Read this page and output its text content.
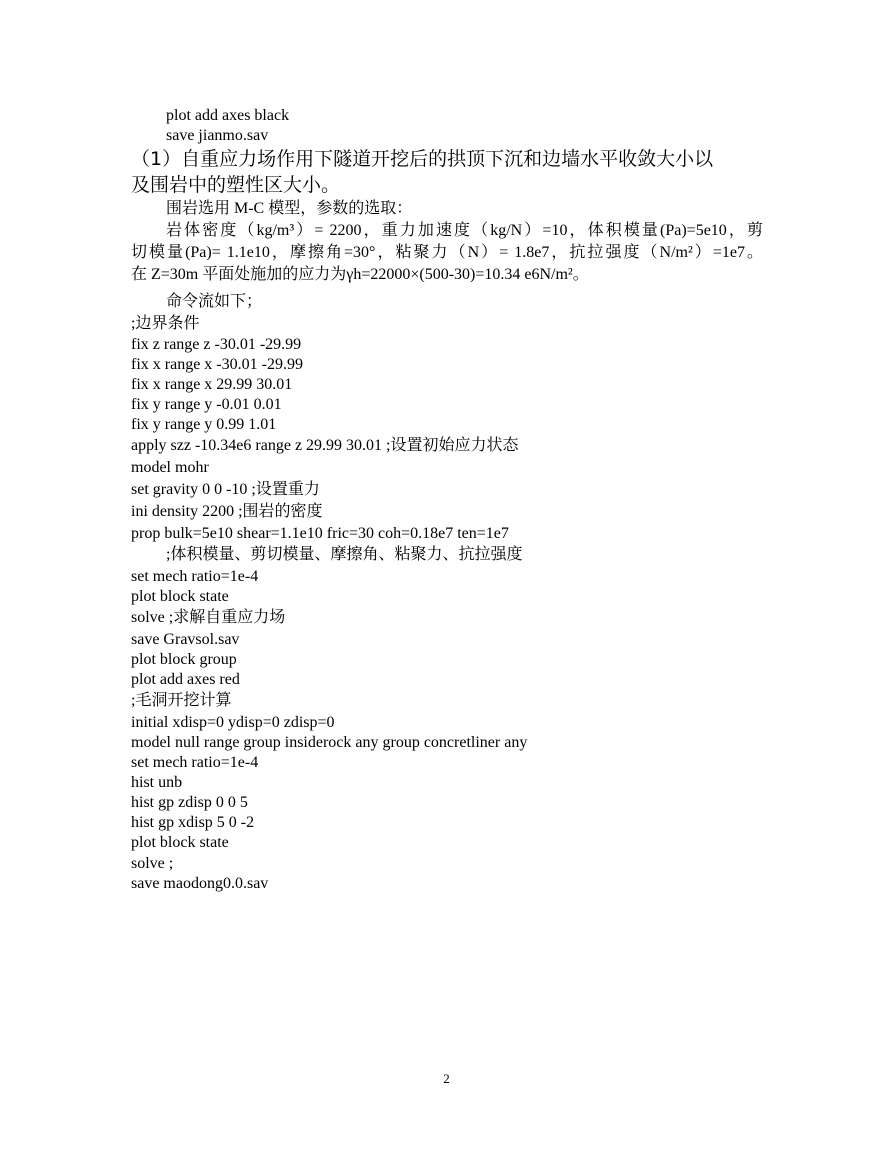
plot add axes black
save jianmo.sav
（1）自重应力场作用下隧道开挖后的拱顶下沉和边墙水平收敛大小以
及围岩中的塑性区大小。
围岩选用 M-C 模型，参数的选取：
岩体密度（kg/m³）= 2200，重力加速度（kg/N）=10，体积模量(Pa)=5e10，剪
切模量(Pa)= 1.1e10，摩擦角=30°，粘聚力（N）= 1.8e7，抗拉强度（N/m²）=1e7。
在 Z=30m 平面处施加的应力为γh=22000×(500-30)=10.34 e6N/m²。
命令流如下；
;边界条件
fix z range z -30.01 -29.99
fix x range x -30.01 -29.99
fix x range x 29.99 30.01
fix y range y -0.01 0.01
fix y range y 0.99 1.01
apply szz -10.34e6 range z 29.99 30.01 ;设置初始应力状态
model mohr
set gravity 0 0 -10 ;设置重力
ini density 2200 ;围岩的密度
prop bulk=5e10 shear=1.1e10 fric=30 coh=0.18e7 ten=1e7
;体积模量、剪切模量、摩擦角、粘聚力、抗拉强度
set mech ratio=1e-4
plot block state
solve ;求解自重应力场
save Gravsol.sav
plot block group
plot add axes red
;毛洞开挖计算
initial xdisp=0 ydisp=0 zdisp=0
model null range group insiderock any group concretliner any
set mech ratio=1e-4
hist unb
hist gp zdisp 0 0 5
hist gp xdisp 5 0 -2
plot block state
solve ;
save maodong0.0.sav
2
